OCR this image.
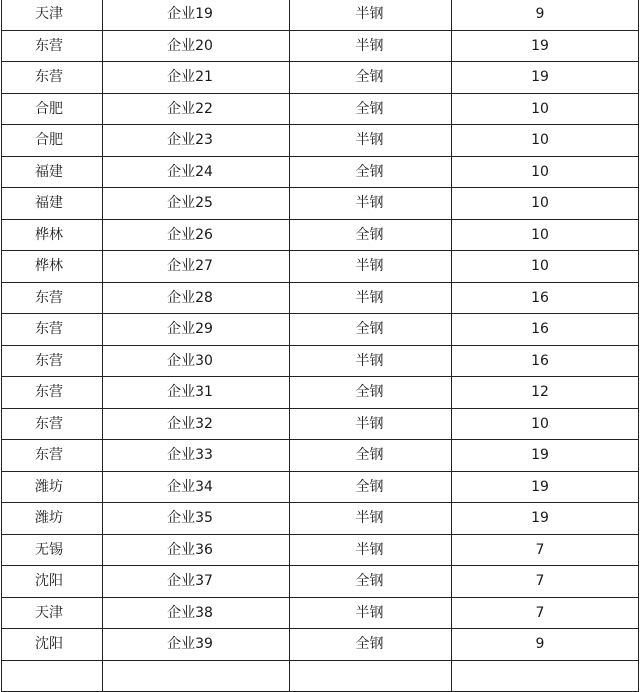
天津	企业19	半钢	9
东营	企业20	半钢	19
东营	企业21	全钢	19
合肥	企业22	全钢	10
合肥	企业23	半钢	10
福建	企业24	全钢	10
福建	企业25	半钢	10
桦林	企业26	全钢	10
桦林	企业27	半钢	10
东营	企业28	半钢	16
东营	企业29	全钢	16
东营	企业30	半钢	16
东营	企业31	全钢	12
东营	企业32	半钢	10
东营	企业33	全钢	19
潍坊	企业34	全钢	19
潍坊	企业35	半钢	19
无锡	企业36	半钢	7
沈阳	企业37	全钢	7
天津	企业38	半钢	7
沈阳	企业39	全钢	9
